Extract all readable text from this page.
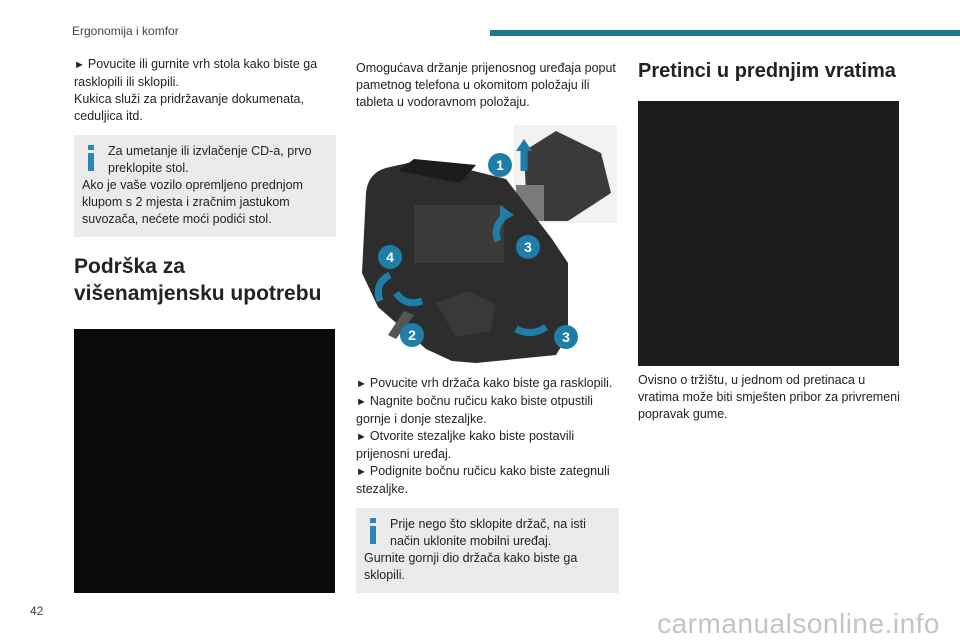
Ergonomija i komfor

► Povucite ili gurnite vrh stola kako biste ga rasklopili ili sklopili.

Kukica služi za pridržavanje dokumenata, ceduljica itd.

Za umetanje ili izvlačenje CD-a, prvo preklopite stol.
Ako je vaše vozilo opremljeno prednjom klupom s 2 mjesta i zračnim jastukom suvozača, nećete moći podići stol.
Podrška za višenamjensku upotrebu

Omogućava držanje prijenosnog uređaja poput pametnog telefona u okomitom položaju ili tableta u vodoravnom položaju.

1
4
3
2	3

► Povucite vrh držača kako biste ga rasklopili.

► Nagnite bočnu ručicu kako biste otpustili gornje i donje stezaljke.

► Otvorite stezaljke kako biste postavili prijenosni uređaj.

► Podignite bočnu ručicu kako biste zategnuli stezaljke.

Prije nego što sklopite držač, na isti način uklonite mobilni uređaj.
Gurnite gornji dio držača kako biste ga sklopili.
Pretinci u prednjim vratima

Ovisno o tržištu, u jednom od pretinaca u vratima može biti smješten pribor za privremeni popravak gume.

42	carmanualsonline.info
